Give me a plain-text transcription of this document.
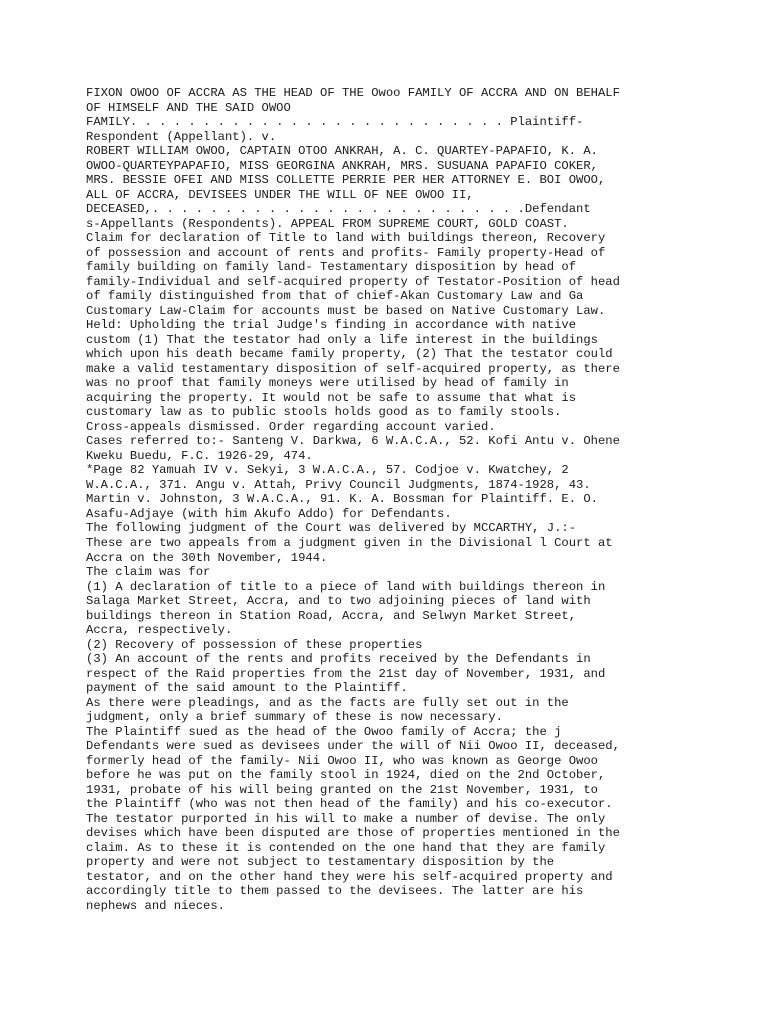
FIXON OWOO OF ACCRA AS THE HEAD OF THE Owoo FAMILY OF ACCRA AND ON BEHALF
OF HIMSELF AND THE SAID OWOO
FAMILY. . . . . . . . . . . . . . . . . . . . . . . . . . Plaintiff-
Respondent (Appellant). v.
ROBERT WILLIAM OWOO, CAPTAIN OTOO ANKRAH, A. C. QUARTEY-PAPAFIO, K. A.
OWOO-QUARTEYPAPAFIO, MISS GEORGINA ANKRAH, MRS. SUSUANA PAPAFIO COKER,
MRS. BESSIE OFEI AND MISS COLLETTE PERRIE PER HER ATTORNEY E. BOI OWOO,
ALL OF ACCRA, DEVISEES UNDER THE WILL OF NEE OWOO II,
DECEASED,. . . . . . . . . . . . . . . . . . . . . . . . . .Defendant
s-Appellants (Respondents). APPEAL FROM SUPREME COURT, GOLD COAST.
Claim for declaration of Title to land with buildings thereon, Recovery
of possession and account of rents and profits- Family property-Head of
family building on family land- Testamentary disposition by head of
family-Individual and self-acquired property of Testator-Position of head
of family distinguished from that of chief-Akan Customary Law and Ga
Customary Law-Claim for accounts must be based on Native Customary Law.
Held: Upholding the trial Judge's finding in accordance with native
custom (1) That the testator had only a life interest in the buildings
which upon his death became family property, (2) That the testator could
make a valid testamentary disposition of self-acquired property, as there
was no proof that family moneys were utilised by head of family in
acquiring the property. It would not be safe to assume that what is
customary law as to public stools holds good as to family stools.
Cross-appeals dismissed. Order regarding account varied.
Cases referred to:- Santeng V. Darkwa, 6 W.A.C.A., 52. Kofi Antu v. Ohene
Kweku Buedu, F.C. 1926-29, 474.
*Page 82 Yamuah IV v. Sekyi, 3 W.A.C.A., 57. Codjoe v. Kwatchey, 2
W.A.C.A., 371. Angu v. Attah, Privy Council Judgments, 1874-1928, 43.
Martin v. Johnston, 3 W.A.C.A., 91. K. A. Bossman for Plaintiff. E. O.
Asafu-Adjaye (with him Akufo Addo) for Defendants.
The following judgment of the Court was delivered by MCCARTHY, J.:-
These are two appeals from a judgment given in the Divisional l Court at
Accra on the 30th November, 1944.
The claim was for
(1) A declaration of title to a piece of land with buildings thereon in
Salaga Market Street, Accra, and to two adjoining pieces of land with
buildings thereon in Station Road, Accra, and Selwyn Market Street,
Accra, respectively.
(2) Recovery of possession of these properties
(3) An account of the rents and profits received by the Defendants in
respect of the Raid properties from the 21st day of November, 1931, and
payment of the said amount to the Plaintiff.
As there were pleadings, and as the facts are fully set out in the
judgment, only a brief summary of these is now necessary.
The Plaintiff sued as the head of the Owoo family of Accra; the j
Defendants were sued as devisees under the will of Nii Owoo II, deceased,
formerly head of the family- Nii Owoo II, who was known as George Owoo
before he was put on the family stool in 1924, died on the 2nd October,
1931, probate of his will being granted on the 21st November, 1931, to
the Plaintiff (who was not then head of the family) and his co-executor.
The testator purported in his will to make a number of devise. The only
devises which have been disputed are those of properties mentioned in the
claim. As to these it is contended on the one hand that they are family
property and were not subject to testamentary disposition by the
testator, and on the other hand they were his self-acquired property and
accordingly title to them passed to the devisees. The latter are his
nephews and nieces.
